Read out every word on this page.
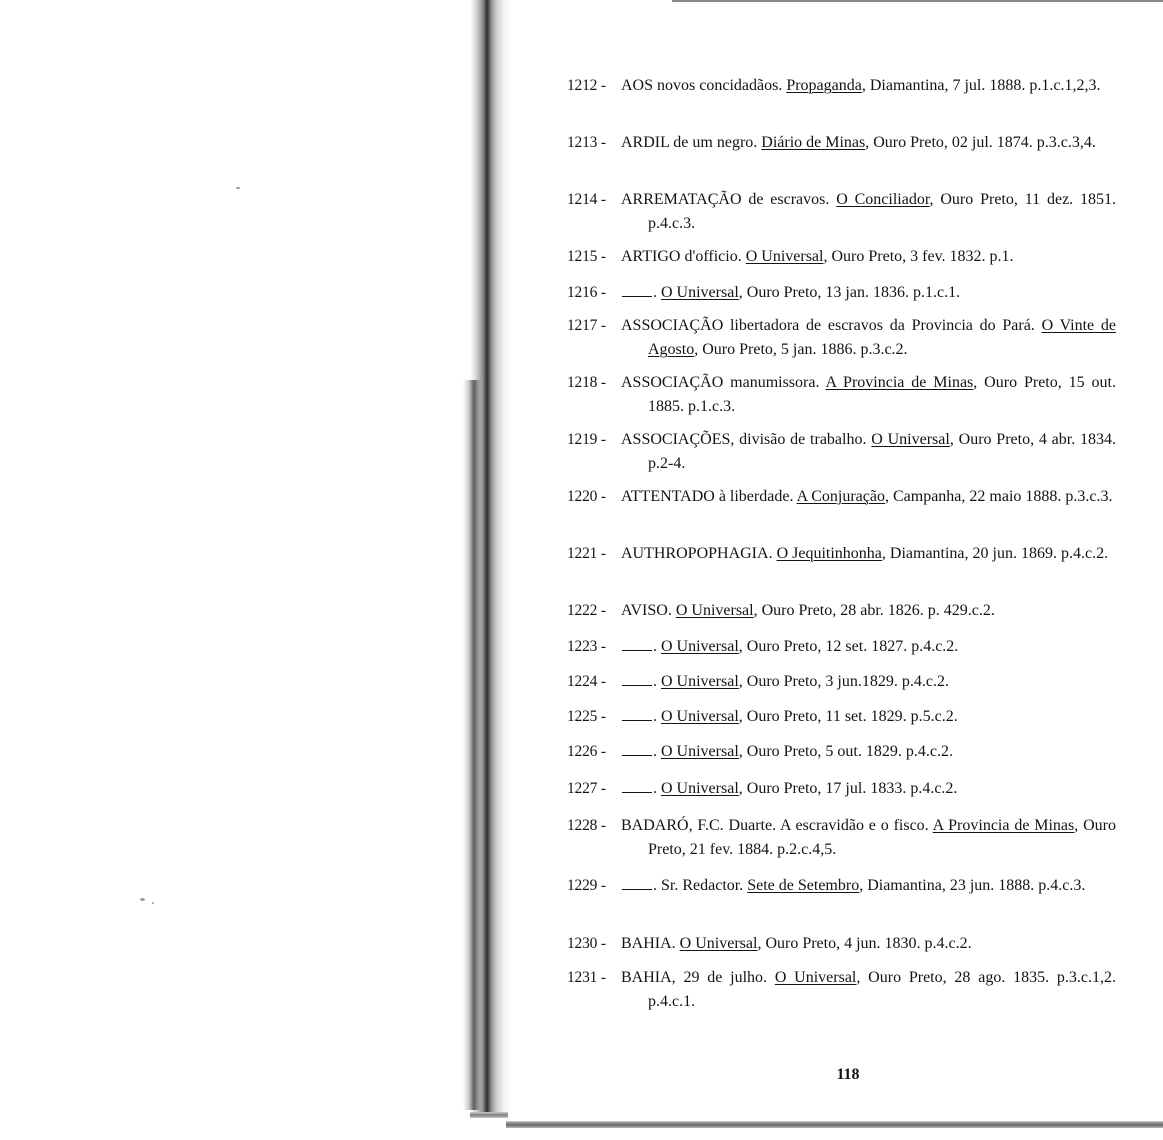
1212 - AOS novos concidadãos. Propaganda, Diamantina, 7 jul. 1888. p.1.c.1,2,3.
1213 - ARDIL de um negro. Diário de Minas, Ouro Preto, 02 jul. 1874. p.3.c.3,4.
1214 - ARREMATAÇÃO de escravos. O Conciliador, Ouro Preto, 11 dez. 1851. p.4.c.3.
1215 - ARTIGO d'officio. O Universal, Ouro Preto, 3 fev. 1832. p.1.
1216 -	. O Universal, Ouro Preto, 13 jan. 1836. p.1.c.1.
1217 - ASSOCIAÇÃO libertadora de escravos da Provincia do Pará. O Vinte de Agosto, Ouro Preto, 5 jan. 1886. p.3.c.2.
1218 - ASSOCIAÇÃO manumissora. A Provincia de Minas, Ouro Preto, 15 out. 1885. p.1.c.3.
1219 - ASSOCIAÇÕES, divisão de trabalho. O Universal, Ouro Preto, 4 abr. 1834. p.2-4.
1220 - ATTENTADO à liberdade. A Conjuração, Campanha, 22 maio 1888. p.3.c.3.
1221 - AUTHROPOPHAGIA. O Jequitinhonha, Diamantina, 20 jun. 1869. p.4.c.2.
1222 - AVISO. O Universal, Ouro Preto, 28 abr. 1826. p. 429.c.2.
1223 -	. O Universal, Ouro Preto, 12 set. 1827. p.4.c.2.
1224 -	. O Universal, Ouro Preto, 3 jun.1829. p.4.c.2.
1225 -	. O Universal, Ouro Preto, 11 set. 1829. p.5.c.2.
1226 -	. O Universal, Ouro Preto, 5 out. 1829. p.4.c.2.
1227 -	. O Universal, Ouro Preto, 17 jul. 1833. p.4.c.2.
1228 - BADARÓ, F.C. Duarte. A escravidão e o fisco. A Provincia de Minas, Ouro Preto, 21 fev. 1884. p.2.c.4,5.
1229 -	. Sr. Redactor. Sete de Setembro, Diamantina, 23 jun. 1888. p.4.c.3.
1230 - BAHIA. O Universal, Ouro Preto, 4 jun. 1830. p.4.c.2.
1231 - BAHIA, 29 de julho. O Universal, Ouro Preto, 28 ago. 1835. p.3.c.1,2. p.4.c.1.
118
